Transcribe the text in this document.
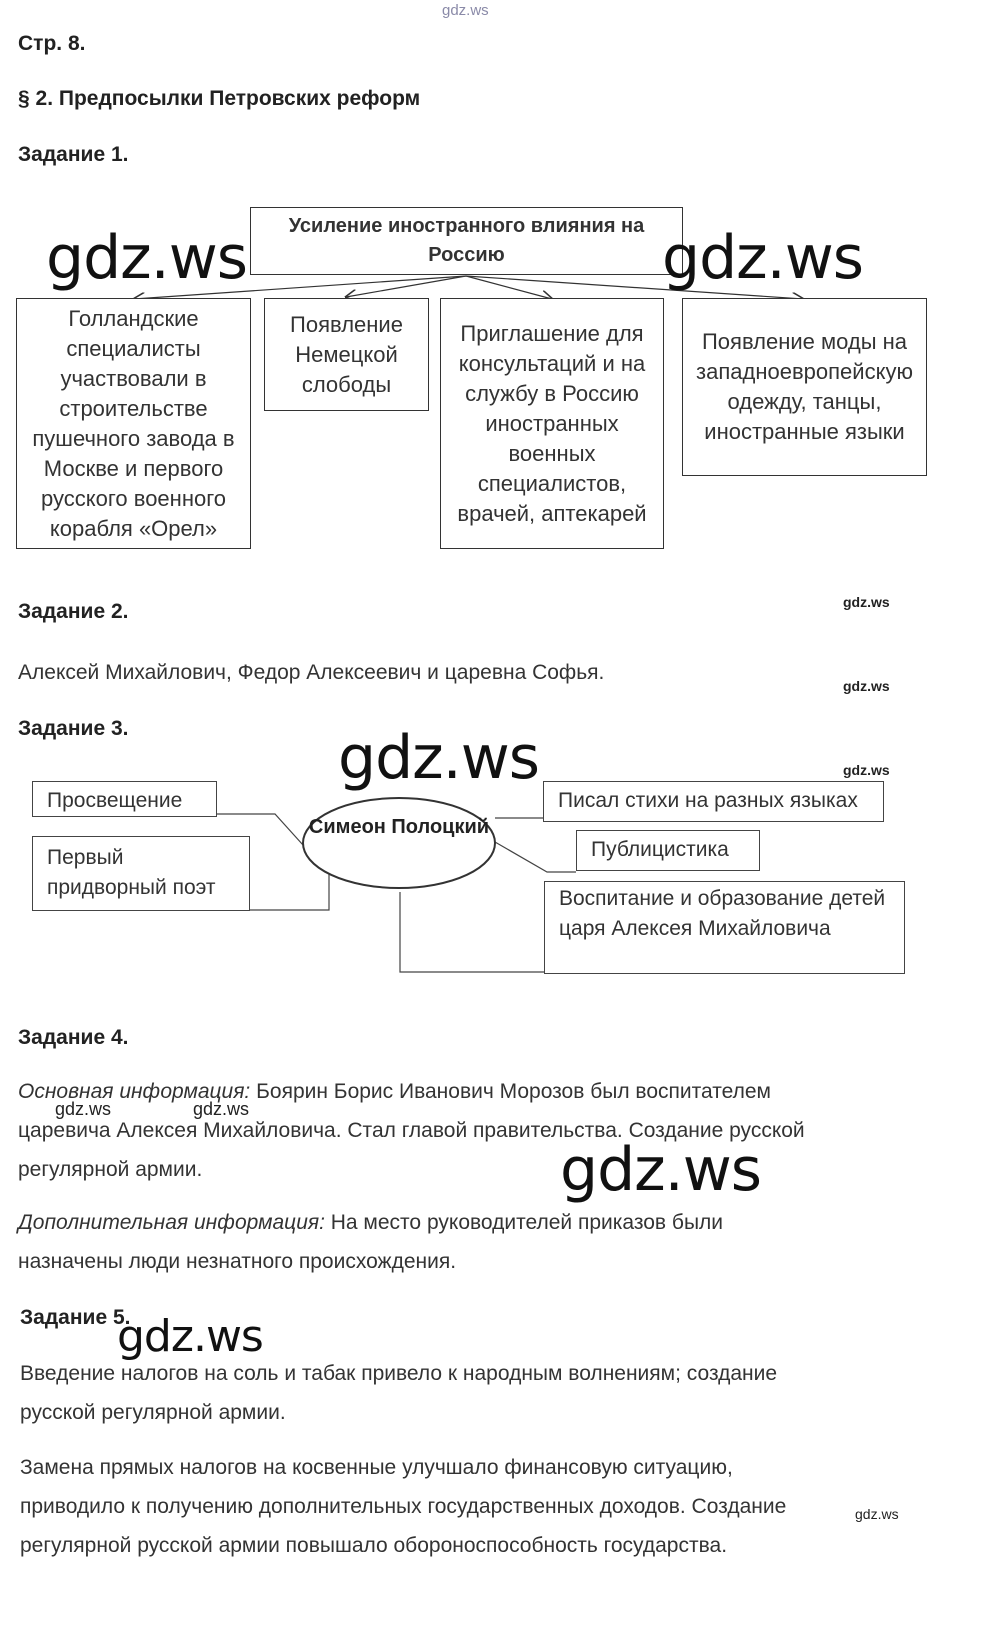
gdz.ws
Стр. 8.
§ 2. Предпосылки Петровских реформ
Задание 1.
Усиление иностранного влияния на Россию
Голландские специалисты участвовали в строительстве пушечного завода в Москве и первого русского военного корабля «Орел»
Появление Немецкой слободы
Приглашение для консультаций и на службу в Россию иностранных военных специалистов, врачей, аптекарей
Появление моды на западноевропейскую одежду, танцы, иностранные языки
gdz.ws	gdz.ws
Задание 2.	gdz.ws
Алексей Михайлович, Федор Алексеевич и царевна Софья.
gdz.ws
Задание 3.	gdz.ws	gdz.ws
Симеон Полоцкий
Просвещение
Первый придворный поэт
Писал стихи на разных языках
Публицистика
Воспитание и образование детей царя Алексея Михайловича
Задание 4.
Основная информация: Боярин Борис Иванович Морозов был воспитателем царевича Алексея Михайловича. Стал главой правительства. Создание русской регулярной армии.
gdz.ws	gdz.ws
gdz.ws
Дополнительная информация: На место руководителей приказов были назначены люди незнатного происхождения.
Задание 5.
gdz.ws
Введение налогов на соль и табак привело к народным волнениям; создание русской регулярной армии.
Замена прямых налогов на косвенные улучшало финансовую ситуацию, приводило к получению дополнительных государственных доходов. Создание регулярной русской армии повышало обороноспособность государства.
gdz.ws
